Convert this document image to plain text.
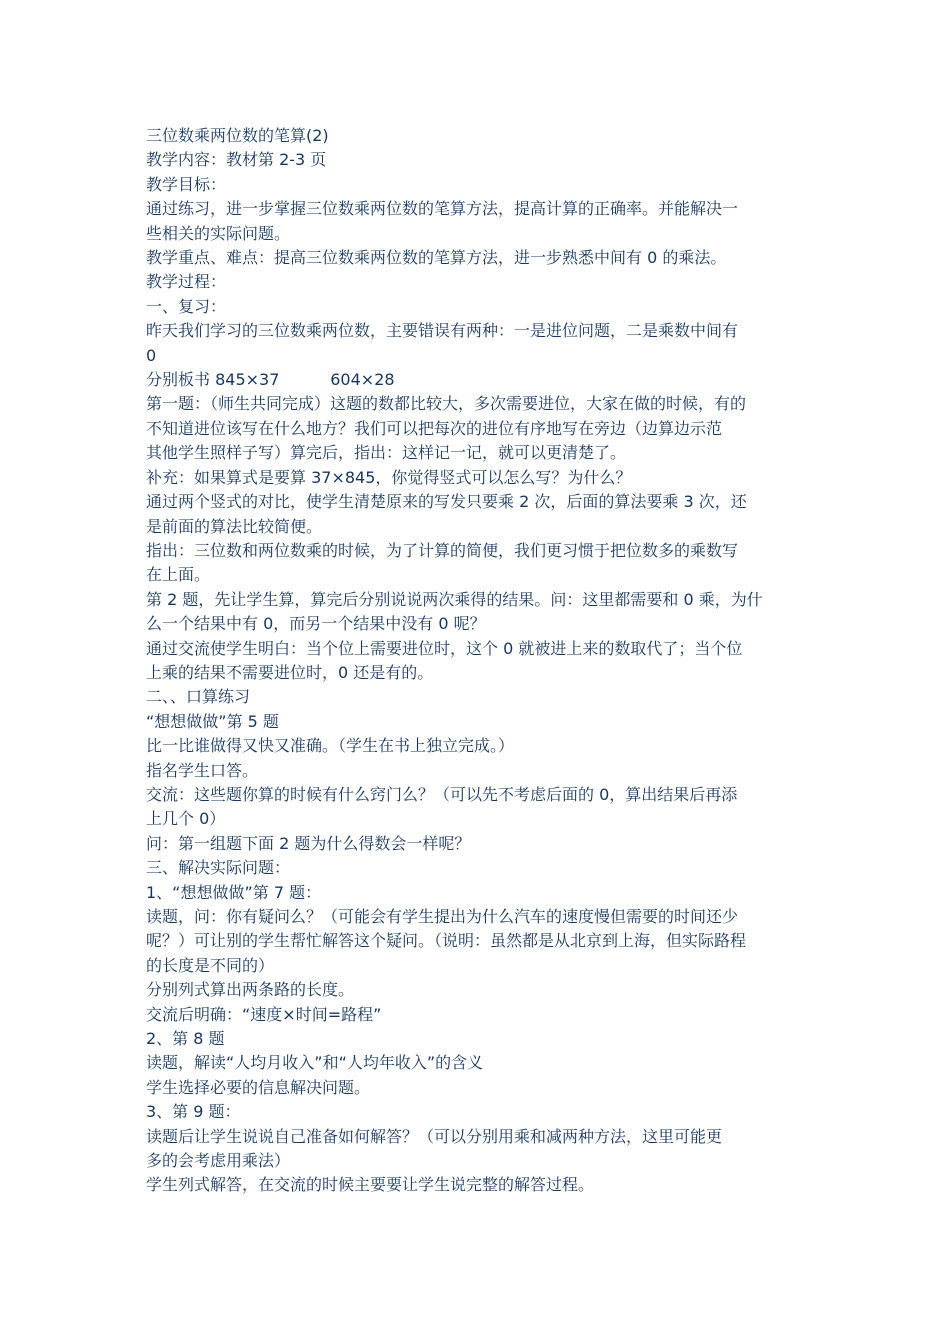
三位数乘两位数的笔算(2)

教学内容：教材第 2-3 页

教学目标：

通过练习，进一步掌握三位数乘两位数的笔算方法，提高计算的正确率。并能解决一

些相关的实际问题。

教学重点、难点：提高三位数乘两位数的笔算方法，进一步熟悉中间有 0 的乘法。

教学过程：

一、复习：

昨天我们学习的三位数乘两位数，主要错误有两种：一是进位问题，二是乘数中间有

0

分别板书 845×37          604×28

第一题：（师生共同完成）这题的数都比较大，多次需要进位，大家在做的时候，有的

不知道进位该写在什么地方？我们可以把每次的进位有序地写在旁边（边算边示范

其他学生照样子写）算完后，指出：这样记一记，就可以更清楚了。

补充：如果算式是要算 37×845，你觉得竖式可以怎么写？为什么？

通过两个竖式的对比，使学生清楚原来的写发只要乘 2 次，后面的算法要乘 3 次，还

是前面的算法比较简便。

指出：三位数和两位数乘的时候，为了计算的简便，我们更习惯于把位数多的乘数写

在上面。

第 2 题，先让学生算，算完后分别说说两次乘得的结果。问：这里都需要和 0 乘，为什

么一个结果中有 0，而另一个结果中没有 0 呢？

通过交流使学生明白：当个位上需要进位时，这个 0 就被进上来的数取代了；当个位

上乘的结果不需要进位时，0 还是有的。

二、、口算练习

“想想做做”第 5 题

比一比谁做得又快又准确。（学生在书上独立完成。）

指名学生口答。

交流：这些题你算的时候有什么窍门么？（可以先不考虑后面的 0，算出结果后再添

上几个 0）

问：第一组题下面 2 题为什么得数会一样呢？

三、解决实际问题：

1、“想想做做”第 7 题：

读题，问：你有疑问么？（可能会有学生提出为什么汽车的速度慢但需要的时间还少

呢？）可让别的学生帮忙解答这个疑问。（说明：虽然都是从北京到上海，但实际路程

的长度是不同的）

分别列式算出两条路的长度。

交流后明确：“速度×时间=路程”

2、第 8 题

读题，解读“人均月收入”和“人均年收入”的含义

学生选择必要的信息解决问题。

3、第 9 题：

读题后让学生说说自己准备如何解答？（可以分别用乘和减两种方法，这里可能更

多的会考虑用乘法）

学生列式解答，在交流的时候主要要让学生说完整的解答过程。
